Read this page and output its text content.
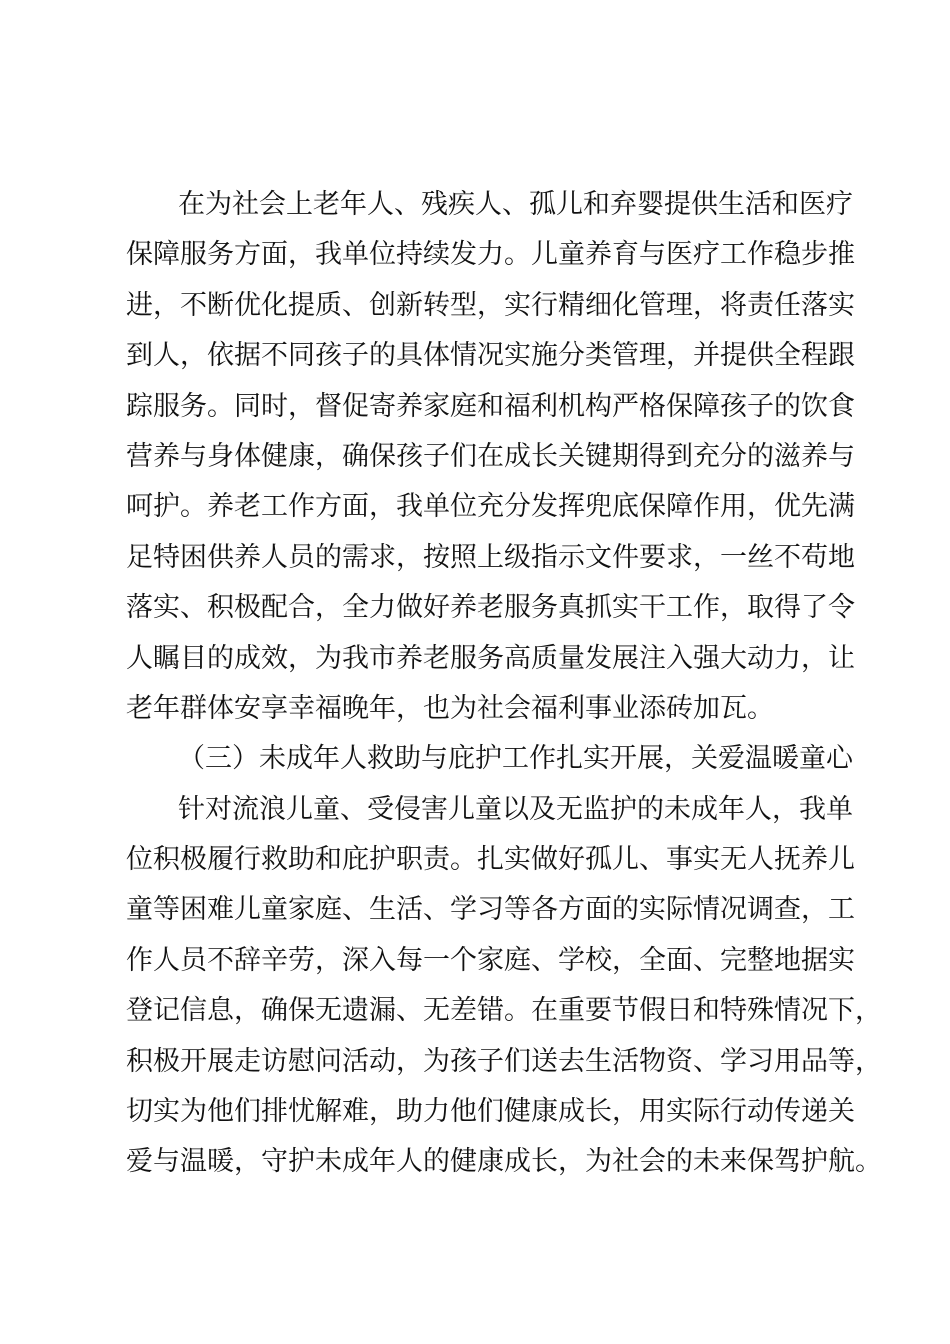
在为社会上老年人、残疾人、孤儿和弃婴提供生活和医疗
保障服务方面，我单位持续发力。儿童养育与医疗工作稳步推
进，不断优化提质、创新转型，实行精细化管理，将责任落实
到人，依据不同孩子的具体情况实施分类管理，并提供全程跟
踪服务。同时，督促寄养家庭和福利机构严格保障孩子的饮食
营养与身体健康，确保孩子们在成长关键期得到充分的滋养与
呵护。养老工作方面，我单位充分发挥兜底保障作用，优先满
足特困供养人员的需求，按照上级指示文件要求，一丝不苟地
落实、积极配合，全力做好养老服务真抓实干工作，取得了令
人瞩目的成效，为我市养老服务高质量发展注入强大动力，让
老年群体安享幸福晚年，也为社会福利事业添砖加瓦。
（三）未成年人救助与庇护工作扎实开展，关爱温暖童心
针对流浪儿童、受侵害儿童以及无监护的未成年人，我单
位积极履行救助和庇护职责。扎实做好孤儿、事实无人抚养儿
童等困难儿童家庭、生活、学习等各方面的实际情况调查，工
作人员不辞辛劳，深入每一个家庭、学校，全面、完整地据实
登记信息，确保无遗漏、无差错。在重要节假日和特殊情况下，
积极开展走访慰问活动，为孩子们送去生活物资、学习用品等，
切实为他们排忧解难，助力他们健康成长，用实际行动传递关
爱与温暖，守护未成年人的健康成长，为社会的未来保驾护航。
